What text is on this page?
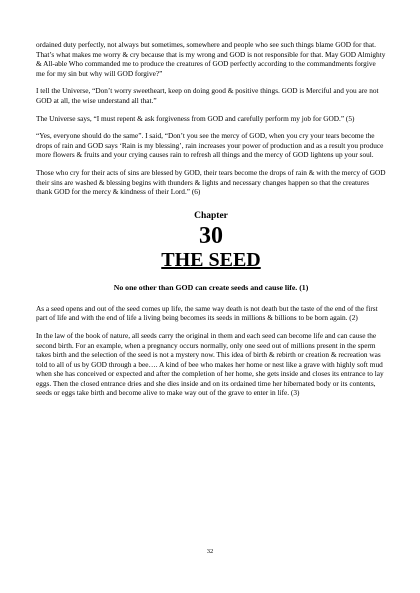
ordained duty perfectly, not always but sometimes, somewhere and people who see such things blame GOD for that. That’s what makes me worry & cry because that is my wrong and GOD is not responsible for that. May GOD Almighty & All-able Who commanded me to produce the creatures of GOD perfectly according to the commandments forgive me for my sin but why will GOD forgive?”

I tell the Universe, “Don’t worry sweetheart, keep on doing good & positive things. GOD is Merciful and you are not GOD at all, the wise understand all that.”

The Universe says, “I must repent & ask forgiveness from GOD and carefully perform my job for GOD.” (5)

“Yes, everyone should do the same”. I said, “Don’t you see the mercy of GOD, when you cry your tears become the drops of rain and GOD says ‘Rain is my blessing’, rain increases your power of production and as a result you produce more flowers & fruits and your crying causes rain to refresh all things and the mercy of GOD lightens up your soul.

Those who cry for their acts of sins are blessed by GOD, their tears become the drops of rain & with the mercy of GOD their sins are washed & blessing begins with thunders & lights and necessary changes happen so that the creatures thank GOD for the mercy & kindness of their Lord.” (6)

Chapter
30
THE SEED
No one other than GOD can create seeds and cause life. (1)

As a seed opens and out of the seed comes up life, the same way death is not death but the taste of the end of the first part of life and with the end of life a living being becomes its seeds in millions & billions to be born again. (2)

In the law of the book of nature, all seeds carry the original in them and each seed can become life and can cause the second birth. For an example, when a pregnancy occurs normally, only one seed out of millions present in the sperm takes birth and the selection of the seed is not a mystery now. This idea of birth & rebirth or creation & recreation was told to all of us by GOD through a bee…. A kind of bee who makes her home or nest like a grave with highly soft mud when she has conceived or expected and after the completion of her home, she gets inside and closes its entrance to lay eggs. Then the closed entrance dries and she dies inside and on its ordained time her hibernated body or its contents, seeds or eggs take birth and become alive to make way out of the grave to enter in life. (3)

32
